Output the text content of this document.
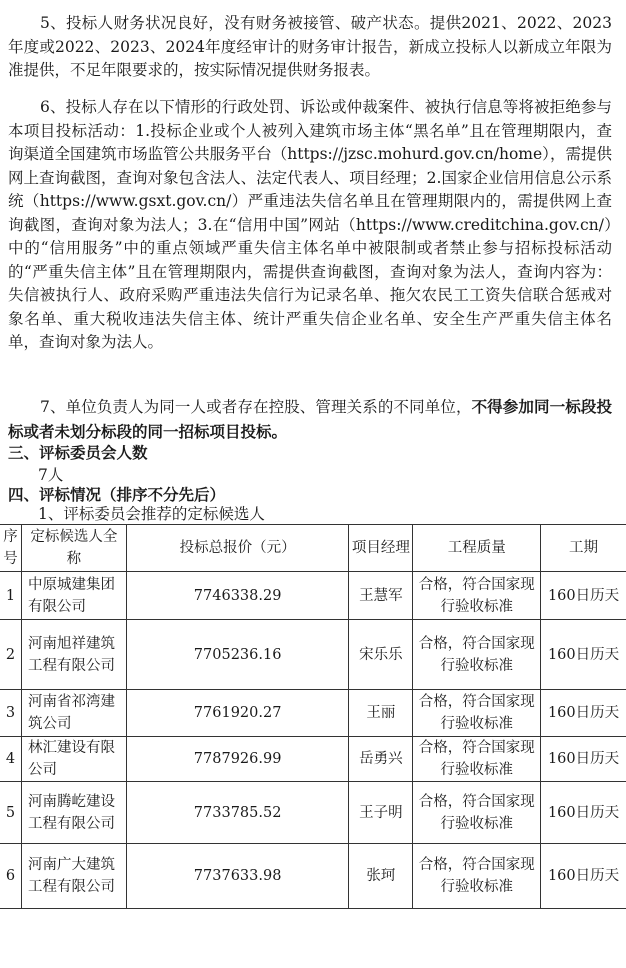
5、投标人财务状况良好，没有财务被接管、破产状态。提供2021、2022、2023年度或2022、2023、2024年度经审计的财务审计报告，新成立投标人以新成立年限为准提供，不足年限要求的，按实际情况提供财务报表。

6、投标人存在以下情形的行政处罚、诉讼或仲裁案件、被执行信息等将被拒绝参与本项目投标活动：1.投标企业或个人被列入建筑市场主体“黑名单”且在管理期限内，查询渠道全国建筑市场监管公共服务平台（https://jzsc.mohurd.gov.cn/home），需提供网上查询截图，查询对象包含法人、法定代表人、项目经理；2.国家企业信用信息公示系统（https://www.gsxt.gov.cn/）严重违法失信名单且在管理期限内的，需提供网上查询截图，查询对象为法人；3.在“信用中国”网站（https://www.creditchina.gov.cn/）中的“信用服务”中的重点领域严重失信主体名单中被限制或者禁止参与招标投标活动的“严重失信主体”且在管理期限内，需提供查询截图，查询对象为法人，查询内容为：失信被执行人、政府采购严重违法失信行为记录名单、拖欠农民工工资失信联合惩戒对象名单、重大税收违法失信主体、统计严重失信企业名单、安全生产严重失信主体名单，查询对象为法人。

7、单位负责人为同一人或者存在控股、管理关系的不同单位，不得参加同一标段投标或者未划分标段的同一招标项目投标。

三、评标委员会人数

7人

四、评标情况（排序不分先后）

1、评标委员会推荐的定标候选人

序号	定标候选人全称	投标总报价（元）	项目经理	工程质量	工期
1	中原城建集团有限公司	7746338.29	王慧军	合格，符合国家现行验收标准	160日历天
2	河南旭祥建筑工程有限公司	7705236.16	宋乐乐	合格，符合国家现行验收标准	160日历天
3	河南省祁湾建筑公司	7761920.27	王丽	合格，符合国家现行验收标准	160日历天
4	林汇建设有限公司	7787926.99	岳勇兴	合格，符合国家现行验收标准	160日历天
5	河南腾屹建设工程有限公司	7733785.52	王子明	合格，符合国家现行验收标准	160日历天
6	河南广大建筑工程有限公司	7737633.98	张珂	合格，符合国家现行验收标准	160日历天
